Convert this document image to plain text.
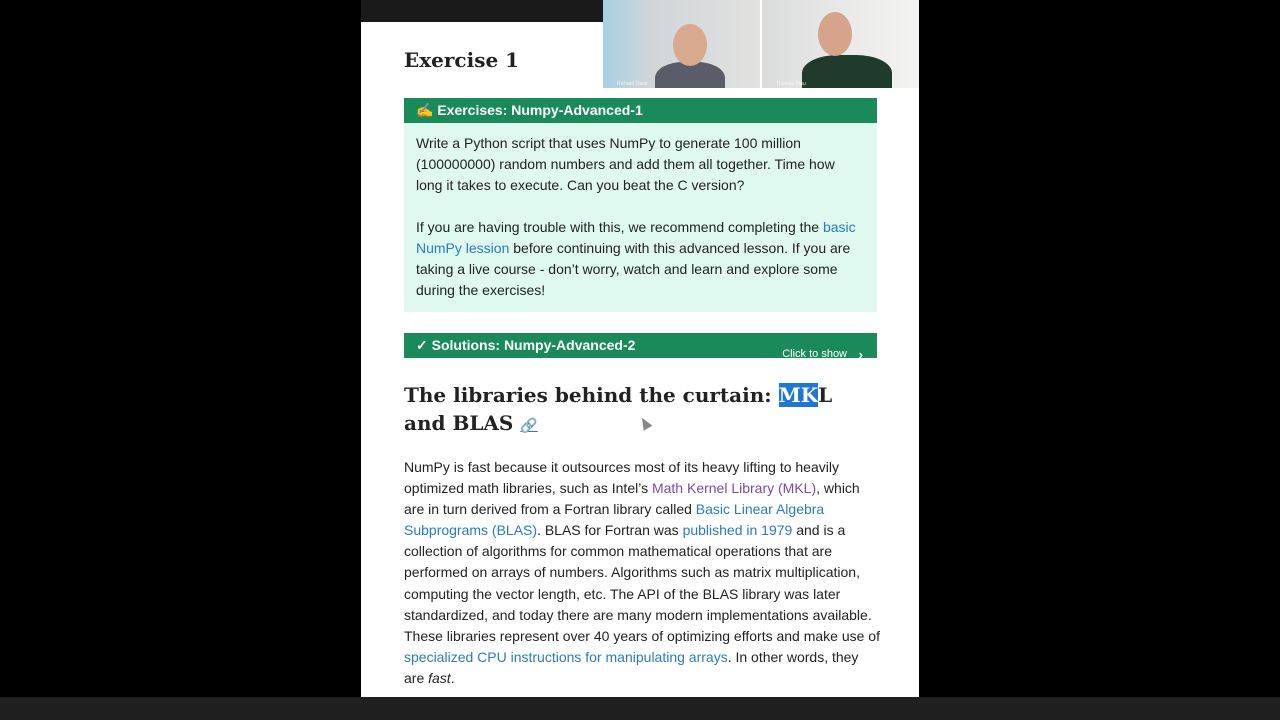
Exercise 1
✍ Exercises: Numpy-Advanced-1

Write a Python script that uses NumPy to generate 100 million (100000000) random numbers and add them all together. Time how long it takes to execute. Can you beat the C version?

If you are having trouble with this, we recommend completing the basic NumPy lession before continuing with this advanced lesson. If you are taking a live course - don’t worry, watch and learn and explore some during the exercises!

✓ Solutions: Numpy-Advanced-2
Click to show ›
The libraries behind the curtain: MKL and BLAS 🔗

NumPy is fast because it outsources most of its heavy lifting to heavily optimized math libraries, such as Intel’s Math Kernel Library (MKL), which are in turn derived from a Fortran library called Basic Linear Algebra Subprograms (BLAS). BLAS for Fortran was published in 1979 and is a collection of algorithms for common mathematical operations that are performed on arrays of numbers. Algorithms such as matrix multiplication, computing the vector length, etc. The API of the BLAS library was later standardized, and today there are many modern implementations available. These libraries represent over 40 years of optimizing efforts and make use of specialized CPU instructions for manipulating arrays. In other words, they are fast.

Richard Darst	Thomas Pfau
